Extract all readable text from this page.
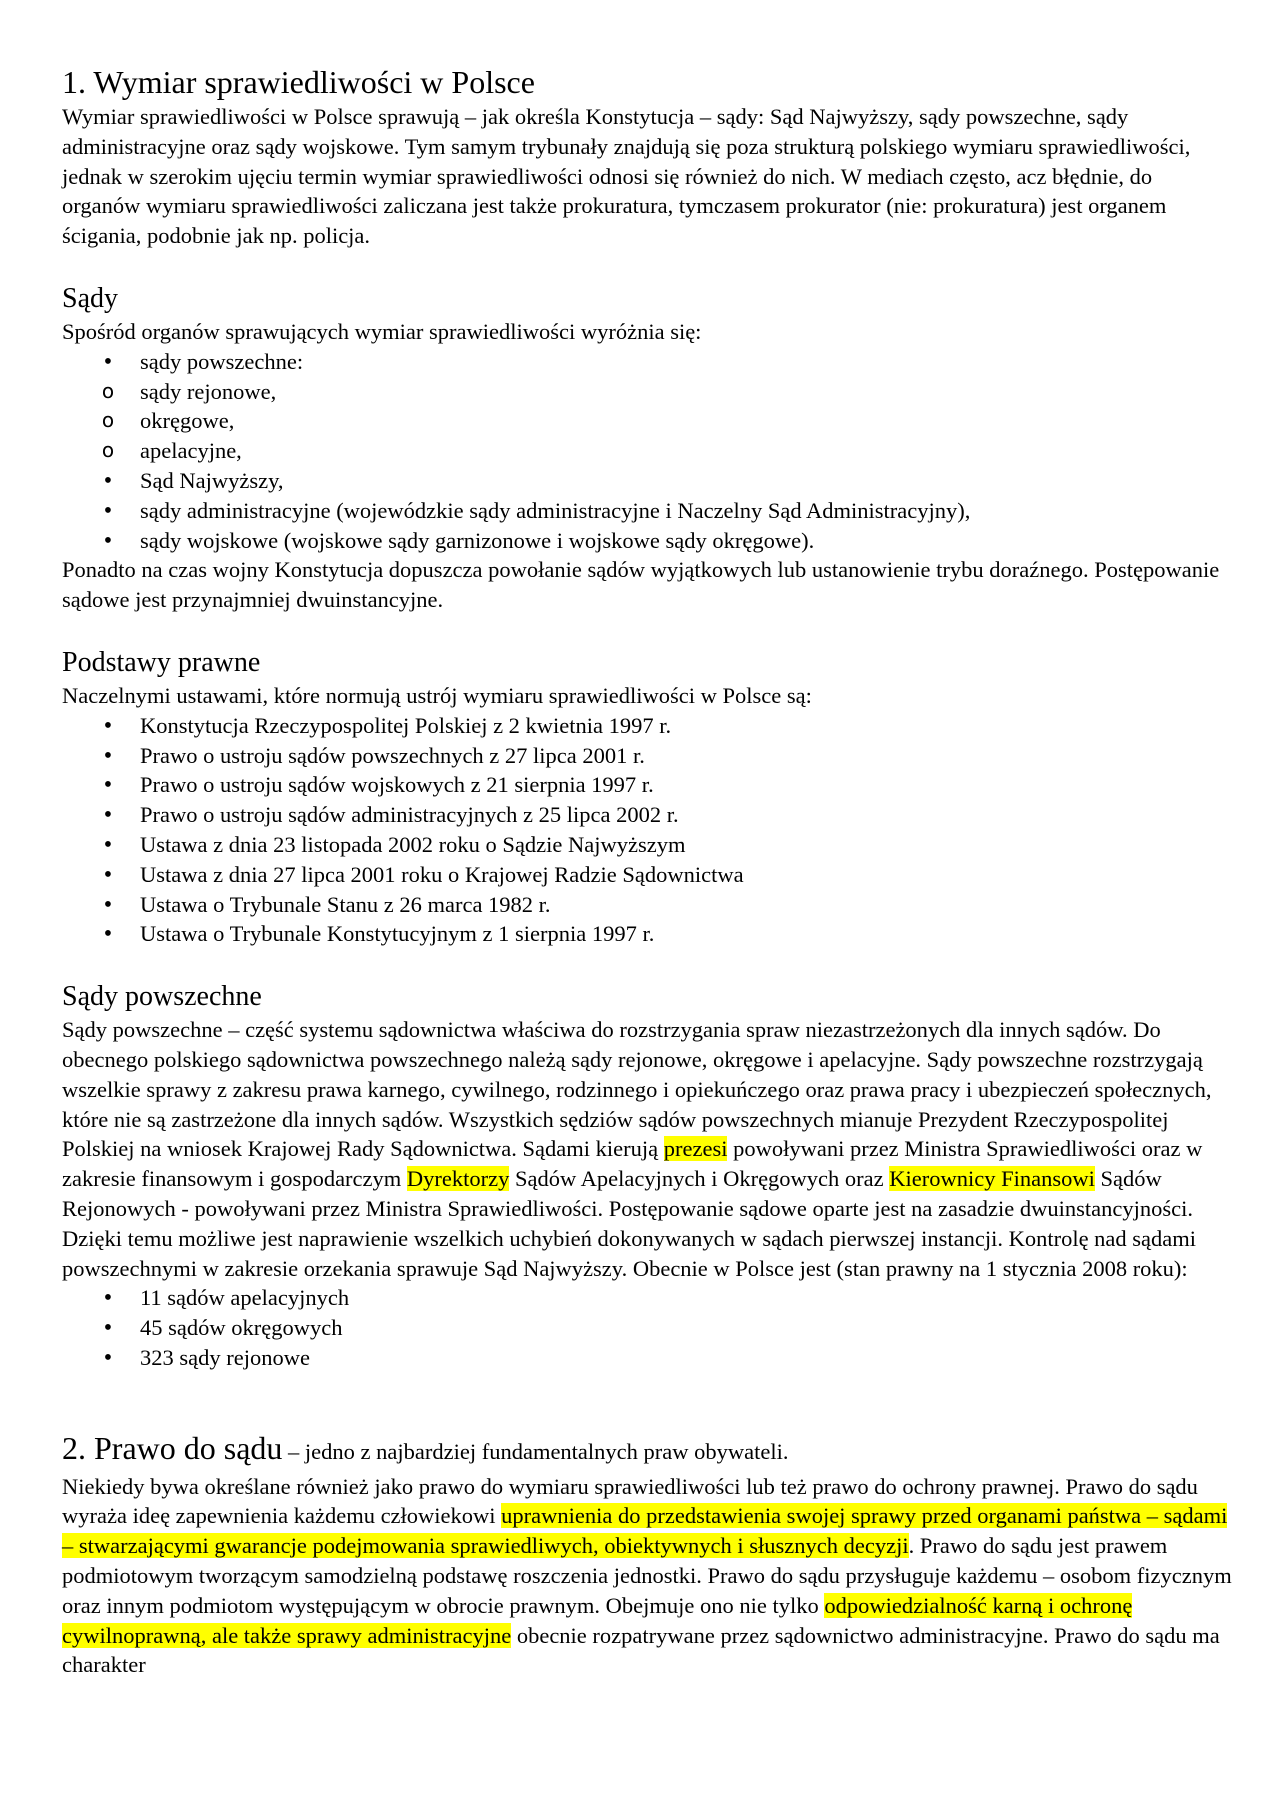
1. Wymiar sprawiedliwości w Polsce

Wymiar sprawiedliwości w Polsce sprawują – jak określa Konstytucja – sądy: Sąd Najwyższy, sądy powszechne, sądy administracyjne oraz sądy wojskowe. Tym samym trybunały znajdują się poza strukturą polskiego wymiaru sprawiedliwości, jednak w szerokim ujęciu termin wymiar sprawiedliwości odnosi się również do nich. W mediach często, acz błędnie, do organów wymiaru sprawiedliwości zaliczana jest także prokuratura, tymczasem prokurator (nie: prokuratura) jest organem ścigania, podobnie jak np. policja.

Sądy

Spośród organów sprawujących wymiar sprawiedliwości wyróżnia się:

•
sądy powszechne:
o sądy rejonowe,
o okręgowe,
o apelacyjne,
•
Sąd Najwyższy,
•
sądy administracyjne (wojewódzkie sądy administracyjne i Naczelny Sąd Administracyjny),
•
sądy wojskowe (wojskowe sądy garnizonowe i wojskowe sądy okręgowe).

Ponadto na czas wojny Konstytucja dopuszcza powołanie sądów wyjątkowych lub ustanowienie trybu doraźnego. Postępowanie sądowe jest przynajmniej dwuinstancyjne.

Podstawy prawne

Naczelnymi ustawami, które normują ustrój wymiaru sprawiedliwości w Polsce są:

•
Konstytucja Rzeczypospolitej Polskiej z 2 kwietnia 1997 r.
•
Prawo o ustroju sądów powszechnych z 27 lipca 2001 r.
•
Prawo o ustroju sądów wojskowych z 21 sierpnia 1997 r.
•
Prawo o ustroju sądów administracyjnych z 25 lipca 2002 r.
•
Ustawa z dnia 23 listopada 2002 roku o Sądzie Najwyższym
•
Ustawa z dnia 27 lipca 2001 roku o Krajowej Radzie Sądownictwa
•
Ustawa o Trybunale Stanu z 26 marca 1982 r.
•
Ustawa o Trybunale Konstytucyjnym z 1 sierpnia 1997 r.
Sądy powszechne

Sądy powszechne – część systemu sądownictwa właściwa do rozstrzygania spraw niezastrzeżonych dla innych sądów. Do obecnego polskiego sądownictwa powszechnego należą sądy rejonowe, okręgowe i apelacyjne. Sądy powszechne rozstrzygają wszelkie sprawy z zakresu prawa karnego, cywilnego, rodzinnego i opiekuńczego oraz prawa pracy i ubezpieczeń społecznych, które nie są zastrzeżone dla innych sądów. Wszystkich sędziów sądów powszechnych mianuje Prezydent Rzeczypospolitej Polskiej na wniosek Krajowej Rady Sądownictwa. Sądami kierują prezesi powoływani przez Ministra Sprawiedliwości oraz w zakresie finansowym i gospodarczym Dyrektorzy Sądów Apelacyjnych i Okręgowych oraz Kierownicy Finansowi Sądów Rejonowych - powoływani przez Ministra Sprawiedliwości. Postępowanie sądowe oparte jest na zasadzie dwuinstancyjności. Dzięki temu możliwe jest naprawienie wszelkich uchybień dokonywanych w sądach pierwszej instancji. Kontrolę nad sądami powszechnymi w zakresie orzekania sprawuje Sąd Najwyższy. Obecnie w Polsce jest (stan prawny na 1 stycznia 2008 roku):

•
11 sądów apelacyjnych
•
45 sądów okręgowych
•
323 sądy rejonowe
2. Prawo do sądu – jedno z najbardziej fundamentalnych praw obywateli.

Niekiedy bywa określane również jako prawo do wymiaru sprawiedliwości lub też prawo do ochrony prawnej. Prawo do sądu wyraża ideę zapewnienia każdemu człowiekowi uprawnienia do przedstawienia swojej sprawy przed organami państwa – sądami – stwarzającymi gwarancje podejmowania sprawiedliwych, obiektywnych i słusznych decyzji. Prawo do sądu jest prawem podmiotowym tworzącym samodzielną podstawę roszczenia jednostki. Prawo do sądu przysługuje każdemu – osobom fizycznym oraz innym podmiotom występującym w obrocie prawnym. Obejmuje ono nie tylko odpowiedzialność karną i ochronę cywilnoprawną, ale także sprawy administracyjne obecnie rozpatrywane przez sądownictwo administracyjne. Prawo do sądu ma charakter
